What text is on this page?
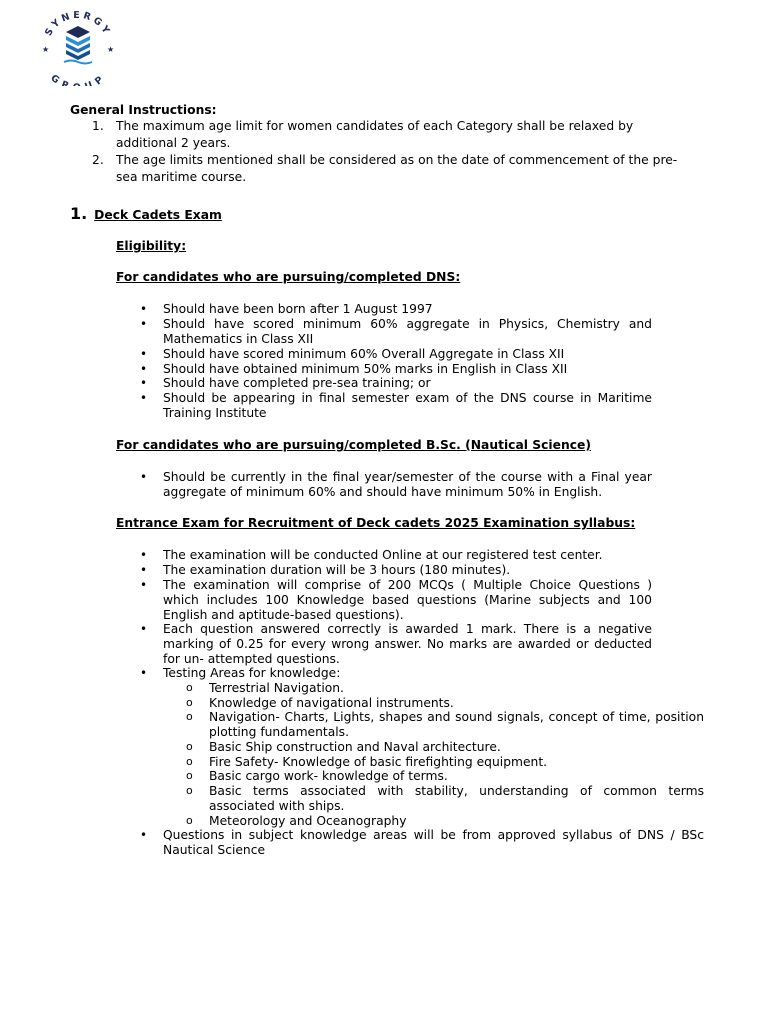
SYNERGY
G UP
★	★
General Instructions:
1. The maximum age limit for women candidates of each Category shall be relaxed by additional 2 years.
2. The age limits mentioned shall be considered as on the date of commencement of the pre-sea maritime course.
1. Deck Cadets Exam
Eligibility:
For candidates who are pursuing/completed DNS:
• Should have been born after 1 August 1997
• Should have scored minimum 60% aggregate in Physics, Chemistry and Mathematics in Class XII
• Should have scored minimum 60% Overall Aggregate in Class XII
• Should have obtained minimum 50% marks in English in Class XII
• Should have completed pre-sea training; or
• Should be appearing in final semester exam of the DNS course in Maritime Training Institute
For candidates who are pursuing/completed B.Sc. (Nautical Science)
• Should be currently in the final year/semester of the course with a Final year aggregate of minimum 60% and should have minimum 50% in English.
Entrance Exam for Recruitment of Deck cadets 2025 Examination syllabus:
• The examination will be conducted Online at our registered test center.
• The examination duration will be 3 hours (180 minutes).
• The examination will comprise of 200 MCQs ( Multiple Choice Questions ) which includes 100 Knowledge based questions (Marine subjects and 100 English and aptitude-based questions).
• Each question answered correctly is awarded 1 mark. There is a negative marking of 0.25 for every wrong answer. No marks are awarded or deducted for un- attempted questions.
• Testing Areas for knowledge:
o Terrestrial Navigation.
o Knowledge of navigational instruments.
o Navigation- Charts, Lights, shapes and sound signals, concept of time, position plotting fundamentals.
o Basic Ship construction and Naval architecture.
o Fire Safety- Knowledge of basic firefighting equipment.
o Basic cargo work- knowledge of terms.
o Basic terms associated with stability, understanding of common terms associated with ships.
o Meteorology and Oceanography
• Questions in subject knowledge areas will be from approved syllabus of DNS / BSc Nautical Science
